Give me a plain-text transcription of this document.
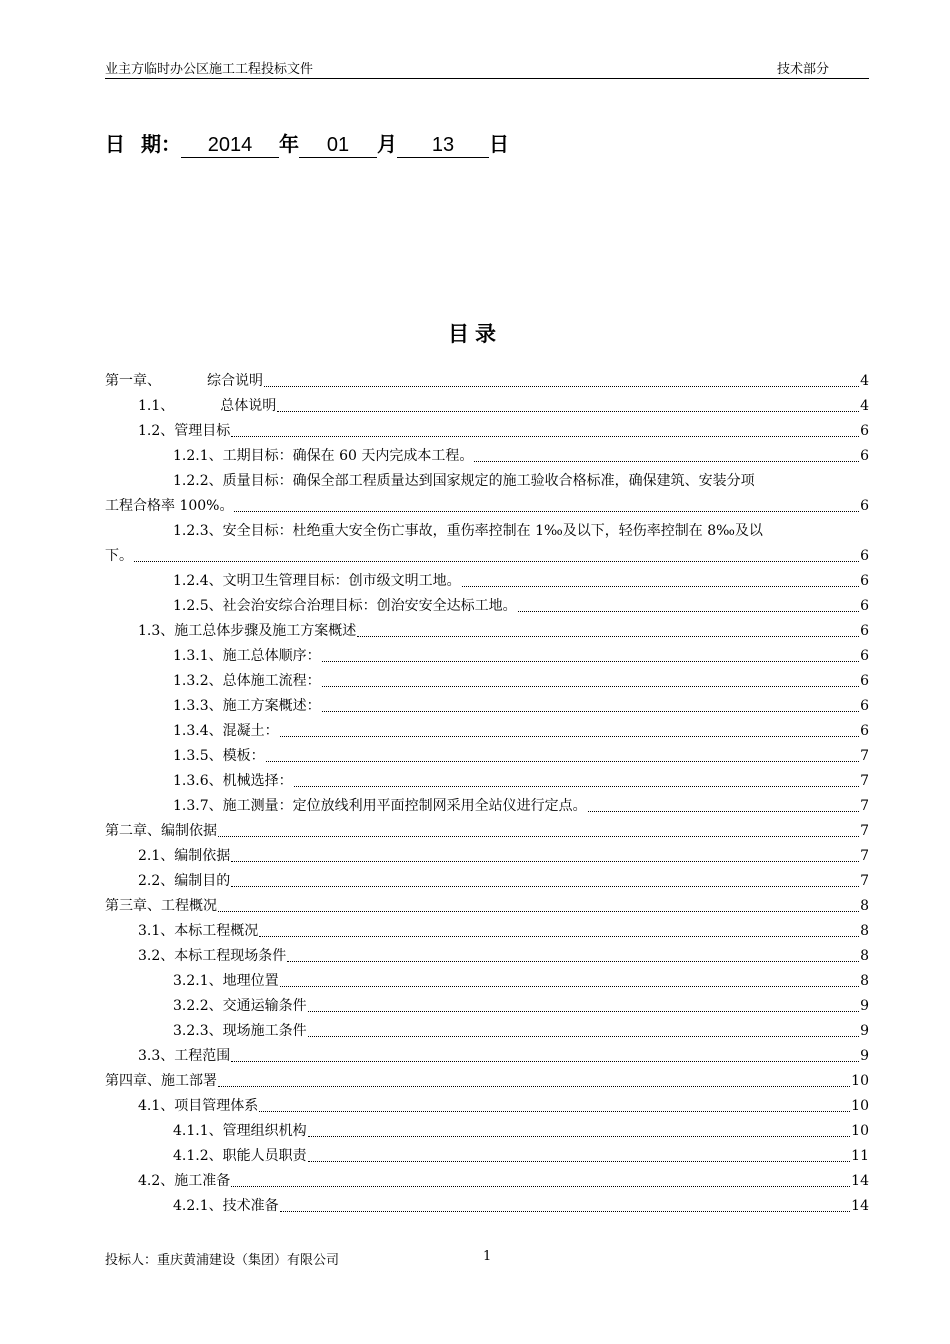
业主方临时办公区施工工程投标文件	技术部分
日 期： 2014 年 01 月 13 日
目录
第一章、	综合说明	4
1.1、	总体说明	4
1.2、管理目标	6
1.2.1、工期目标：确保在 60 天内完成本工程。	6
1.2.2、质量目标：确保全部工程质量达到国家规定的施工验收合格标准，确保建筑、安装分项
工程合格率 100%。	6
1.2.3、安全目标：杜绝重大安全伤亡事故，重伤率控制在 1‰及以下，轻伤率控制在 8‰及以
下。	6
1.2.4、文明卫生管理目标：创市级文明工地。	6
1.2.5、社会治安综合治理目标：创治安安全达标工地。	6
1.3、施工总体步骤及施工方案概述	6
1.3.1、施工总体顺序：	6
1.3.2、总体施工流程：	6
1.3.3、施工方案概述：	6
1.3.4、混凝土：	6
1.3.5、模板：	7
1.3.6、机械选择：	7
1.3.7、施工测量：定位放线利用平面控制网采用全站仪进行定点。	7
第二章、编制依据	7
2.1、编制依据	7
2.2、编制目的	7
第三章、工程概况	8
3.1、本标工程概况	8
3.2、本标工程现场条件	8
3.2.1、地理位置	8
3.2.2、交通运输条件	9
3.2.3、现场施工条件	9
3.3、工程范围	9
第四章、施工部署	10
4.1、项目管理体系	10
4.1.1、管理组织机构	10
4.1.2、职能人员职责	11
4.2、施工准备	14
4.2.1、技术准备	14
投标人：重庆黄浦建设（集团）有限公司	1
